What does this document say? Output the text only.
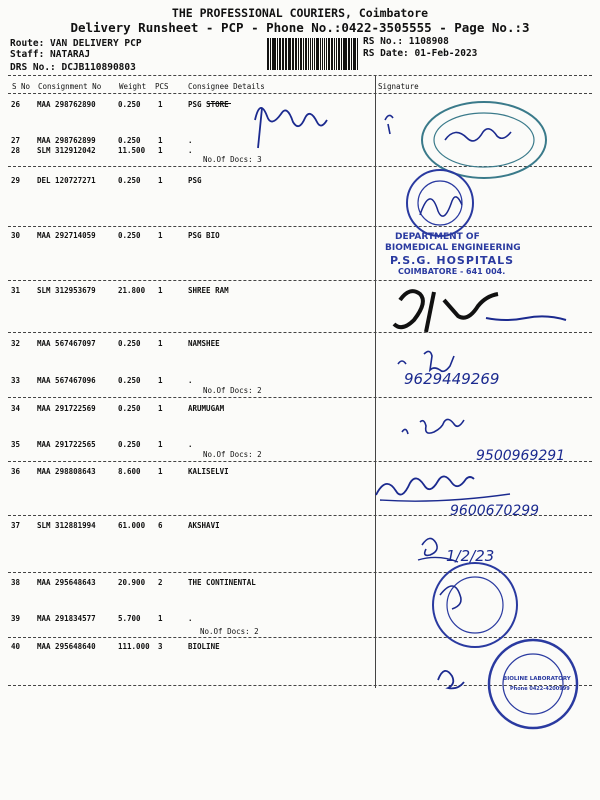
THE PROFESSIONAL COURIERS, Coimbatore
Delivery Runsheet - PCP - Phone No.:0422-3505555 - Page No.:3
Route: VAN DELIVERY PCP
Staff: NATARAJ
DRS No.: DCJB110890803
RS No.: 1108908
RS Date: 01-Feb-2023
S No Consignment No Weight PCS	Consignee Details	Signature
26 MAA 298762890	0.250 1	PSG STORE
27 MAA 298762899	0.250 1	.
28 SLM 312912042	11.500 1	.
29 DEL 120727271	0.250 1	PSG
30 MAA 292714059	0.250 1	PSG BIO
31 SLM 312953679	21.800 1	SHREE RAM
32 MAA 567467097	0.250 1	NAMSHEE
33 MAA 567467096	0.250 1	.
34 MAA 291722569	0.250 1	ARUMUGAM
35 MAA 291722565	0.250 1	.
36 MAA 298808643	8.600 1	KALISELVI
37 SLM 312881994	61.000 6	AKSHAVI
38 MAA 295648643	20.900 2	THE CONTINENTAL
39 MAA 291834577	5.700 1	.
40 MAA 295648640	111.000 3	BIOLINE
No.Of Docs: 3
No.Of Docs: 2
No.Of Docs: 2
No.Of Docs: 2
DEPARTMENT OF
BIOMEDICAL ENGINEERING
P.S.G. HOSPITALS
COIMBATORE - 641 004.
BIOLINE LABORATORY
Phone 0422-4200999
9629449269
9500969291
9600670299
1/2/23
